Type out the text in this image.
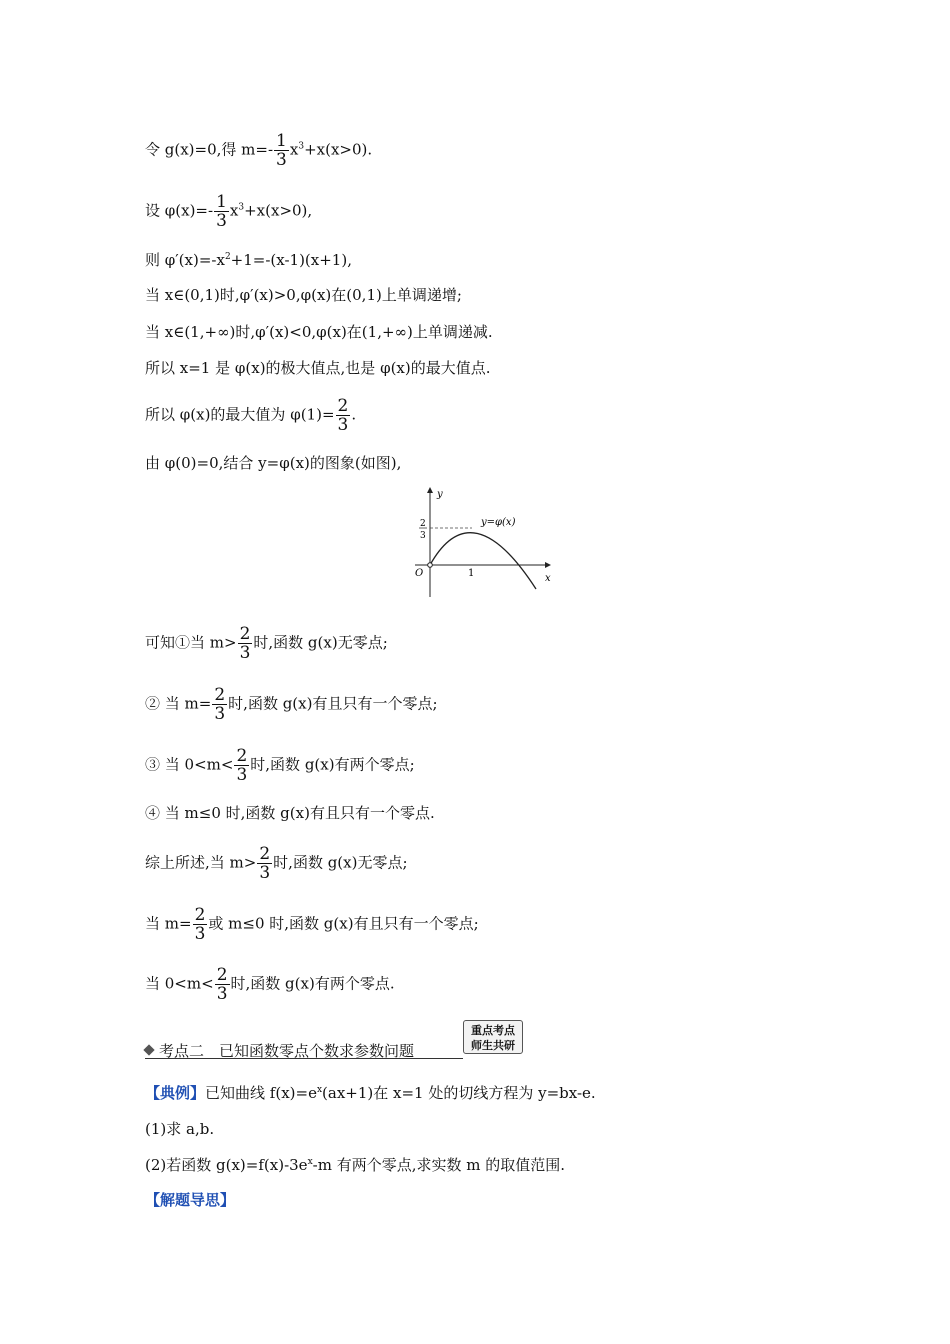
令 g(x)=0,得 $m=- \frac{1}{3} x^3+x(x>0)$.
设 $\varphi(x)=- \frac{1}{3} x^3+x(x>0)$,
则 $\varphi'(x)=-x^2+1=-(x-1)(x+1)$,
当 x∈(0,1)时,φ′(x)>0,φ(x)在(0,1)上单调递增;
当 x∈(1,+∞)时,φ′(x)<0,φ(x)在(1,+∞)上单调递减.
所以 x=1 是 φ(x)的极大值点,也是 φ(x)的最大值点.
所以 φ(x)的最大值为 $\varphi(1)= \frac{2}{3}$ .
由 φ(0)=0,结合 y=φ(x)的图象(如图),
y
x
O	1
2
3
y=φ(x)
可知①当 $m> \frac{2}{3}$ 时,函数 g(x)无零点;
② 当 $m= \frac{2}{3}$ 时,函数 g(x)有且只有一个零点;
③ 当 $0<m< \frac{2}{3}$ 时,函数 g(x)有两个零点;
④ 当 m≤0 时,函数 g(x)有且只有一个零点.
综上所述,当 $m> \frac{2}{3}$ 时,函数 g(x)无零点;
当 $m= \frac{2}{3}$ 或 m≤0 时,函数 g(x)有且只有一个零点;
当 $0<m< \frac{2}{3}$ 时,函数 g(x)有两个零点.
考点二　已知函数零点个数求参数问题
重点考点
师生共研
【典例】已知曲线 $f(x)=e^x(ax+1)$在 x=1 处的切线方程为 y=bx-e.
(1)求 a,b.
(2)若函数 $g(x)=f(x)-3e^x-m$ 有两个零点,求实数 m 的取值范围.
【解题导思】
